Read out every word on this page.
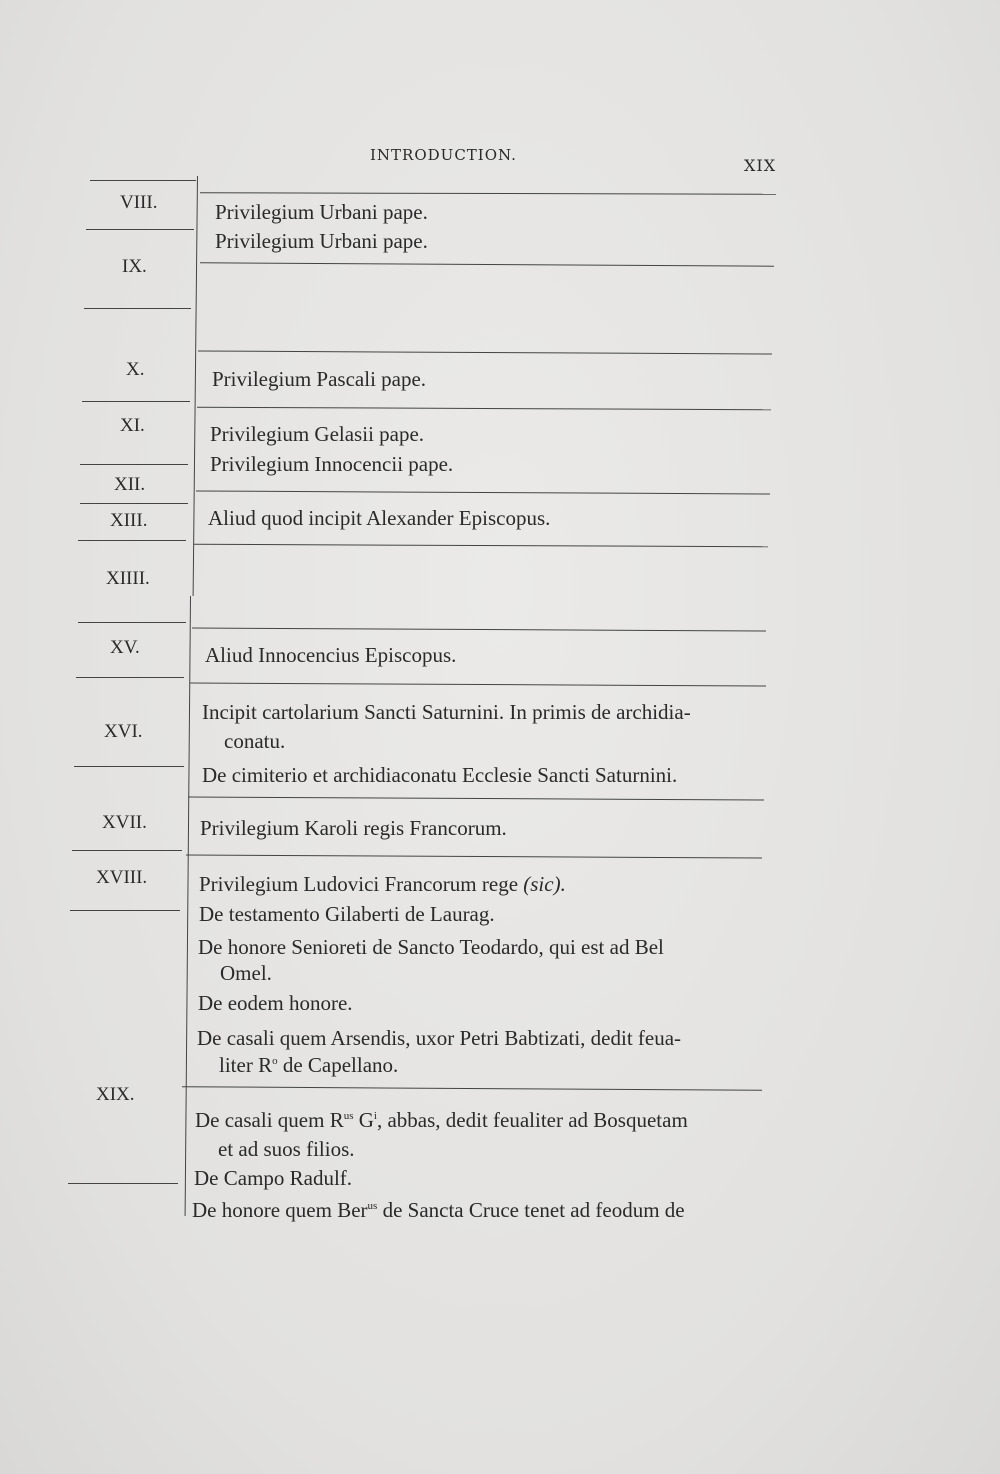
INTRODUCTION.
XIX
VIII.
IX.
X.
XI.
XII.
XIII.
XIIII.
XV.
XVI.
XVII.
XVIII.
XIX.
Privilegium Urbani pape.
Privilegium Urbani pape.
Privilegium Pascali pape.
Privilegium Gelasii pape.
Privilegium Innocencii pape.
Aliud quod incipit Alexander Episcopus.
Aliud Innocencius Episcopus.
Incipit cartolarium Sancti Saturnini. In primis de archidia-
conatu.
De cimiterio et archidiaconatu Ecclesie Sancti Saturnini.
Privilegium Karoli regis Francorum.
Privilegium Ludovici Francorum rege (sic).
De testamento Gilaberti de Laurag.
De honore Senioreti de Sancto Teodardo, qui est ad Bel
Omel.
De eodem honore.
De casali quem Arsendis, uxor Petri Babtizati, dedit feua-
liter $R^o$ de Capellano.
De casali quem $R^{us}$ $G^i$, abbas, dedit feualiter ad Bosquetam
et ad suos filios.
De Campo Radulf.
De honore quem Ber$^{us}$ de Sancta Cruce tenet ad feodum de
